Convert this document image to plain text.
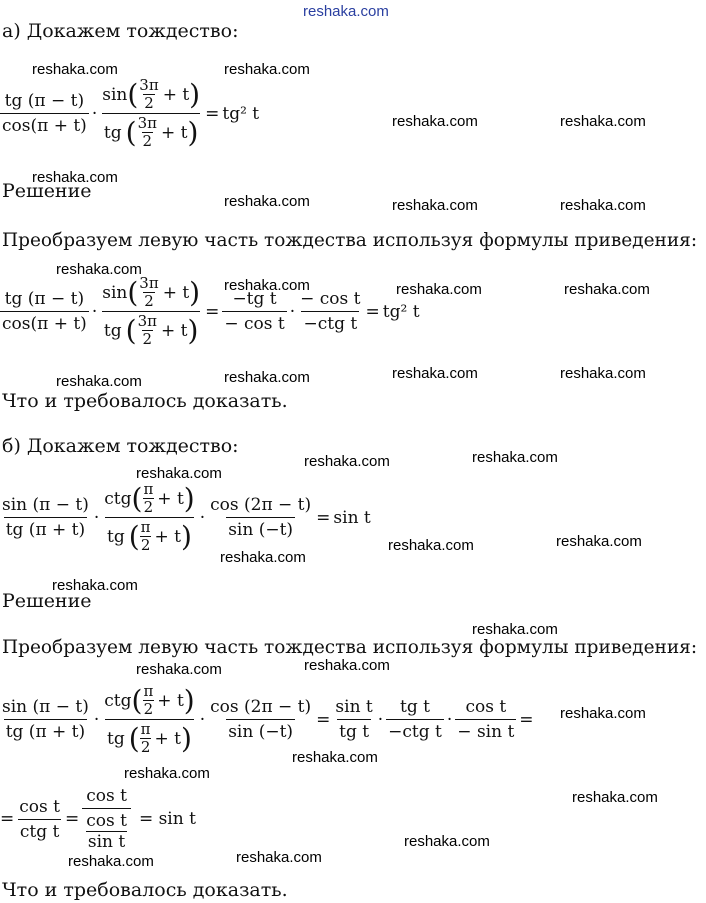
reshaka.com
а) Докажем тождество:
$\frac{tg (\pi - t)}{\cos(\pi + t)} \cdot \frac{\sin ( \frac{3\pi}{2} + t )}{tg ( \frac{3\pi}{2} + t )} = tg^2$ t
Решение
Преобразуем левую часть тождества используя формулы приведения:
$\frac{tg (\pi - t)}{\cos(\pi + t)} \cdot \frac{\sin ( \frac{3\pi}{2} + t )}{tg ( \frac{3\pi}{2} + t )} = \frac{\text{−tg t}}{\text{− cos t}} \cdot \frac{\text{− cos t}}{\text{−ctg t}} = tg^2$ t
Что и требовалось доказать.
б) Докажем тождество:
$\frac{\sin (\pi - t)}{tg (\pi + t)} \cdot \frac{ctg ( \frac{\pi}{2} + t )}{tg ( \frac{\pi}{2} + t )} \cdot \frac{\cos (2\pi - t)}{\sin (-t)} = \sin t$
Решение
Преобразуем левую часть тождества используя формулы приведения:
$\frac{\sin (\pi - t)}{tg (\pi + t)} \cdot \frac{ctg ( \frac{\pi}{2} + t )}{tg ( \frac{\pi}{2} + t )} \cdot \frac{\cos (2\pi - t)}{\sin (-t)} = \frac{\text{sin t}}{\text{tg t}} \cdot \frac{\text{tg t}}{\text{−ctg t}} \cdot \frac{\text{cos t}}{\text{− sin t}}$ =
= $\frac{\text{cos t}}{\text{ctg t}} = \frac{\text{cos t}}{\frac{\text{cos t}}{\text{sin t}}} = \sin t$
Что и требовалось доказать.
reshaka.com	reshaka.com
reshaka.com	reshaka.com
reshaka.com
reshaka.com	reshaka.com	reshaka.com
reshaka.com
reshaka.com	reshaka.com	reshaka.com
reshaka.com	reshaka.com	reshaka.com	reshaka.com
reshaka.com	reshaka.com
reshaka.com
reshaka.com	reshaka.com
reshaka.com
reshaka.com
reshaka.com
reshaka.com
reshaka.com
reshaka.com
reshaka.com
reshaka.com
reshaka.com
reshaka.com
reshaka.com
reshaka.com
